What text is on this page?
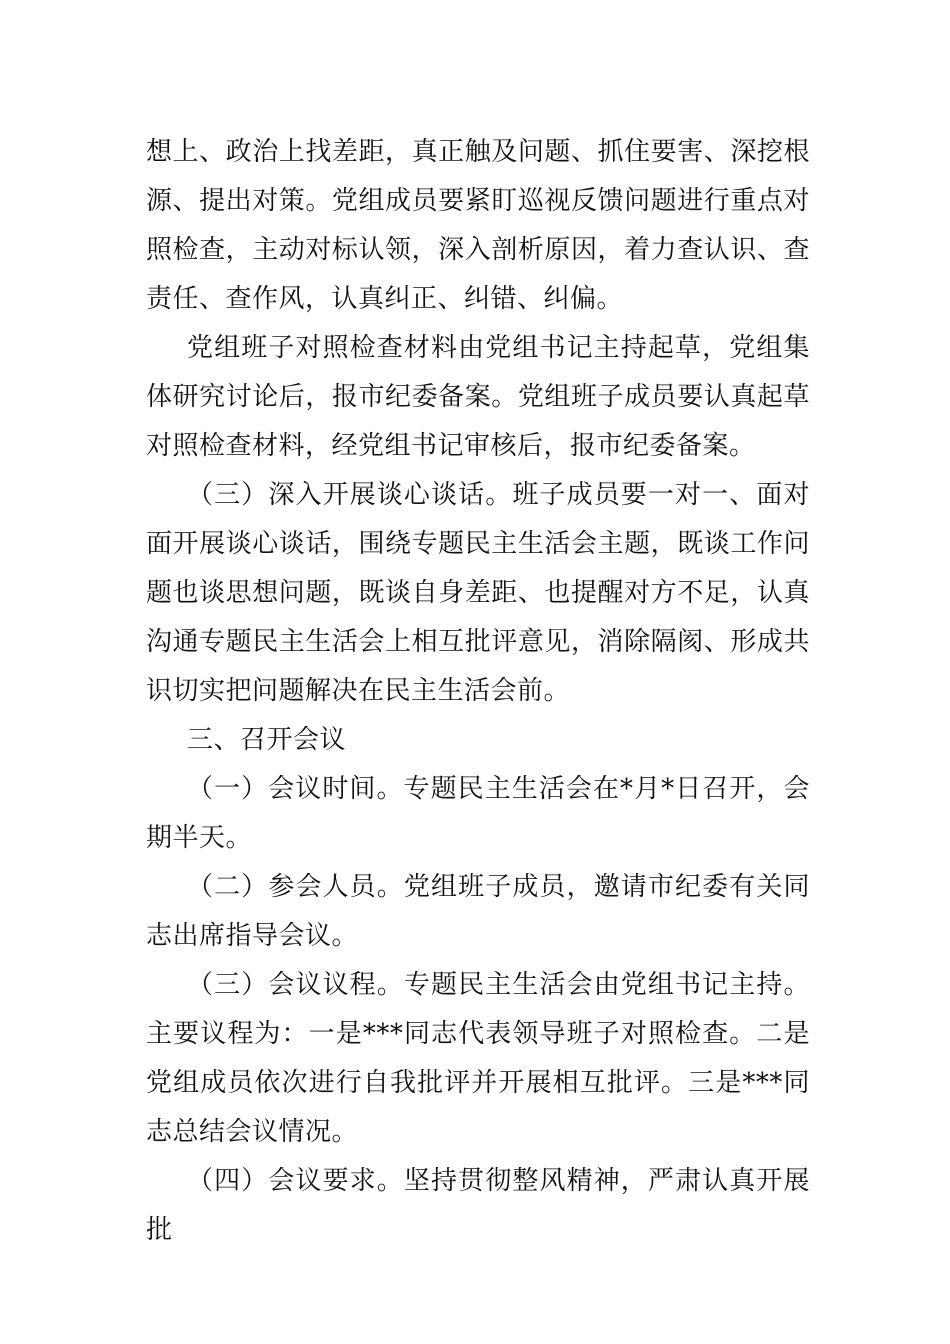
想上、政治上找差距，真正触及问题、抓住要害、深挖根源、提出对策。党组成员要紧盯巡视反馈问题进行重点对照检查，主动对标认领，深入剖析原因，着力查认识、查责任、查作风，认真纠正、纠错、纠偏。

党组班子对照检查材料由党组书记主持起草，党组集体研究讨论后，报市纪委备案。党组班子成员要认真起草对照检查材料，经党组书记审核后，报市纪委备案。

（三）深入开展谈心谈话。班子成员要一对一、面对面开展谈心谈话，围绕专题民主生活会主题，既谈工作问题也谈思想问题，既谈自身差距、也提醒对方不足，认真沟通专题民主生活会上相互批评意见，消除隔阂、形成共识切实把问题解决在民主生活会前。

三、召开会议

（一）会议时间。专题民主生活会在*月*日召开，会期半天。

（二）参会人员。党组班子成员，邀请市纪委有关同志出席指导会议。

（三）会议议程。专题民主生活会由党组书记主持。主要议程为：一是***同志代表领导班子对照检查。二是党组成员依次进行自我批评并开展相互批评。三是***同志总结会议情况。

（四）会议要求。坚持贯彻整风精神，严肃认真开展批
